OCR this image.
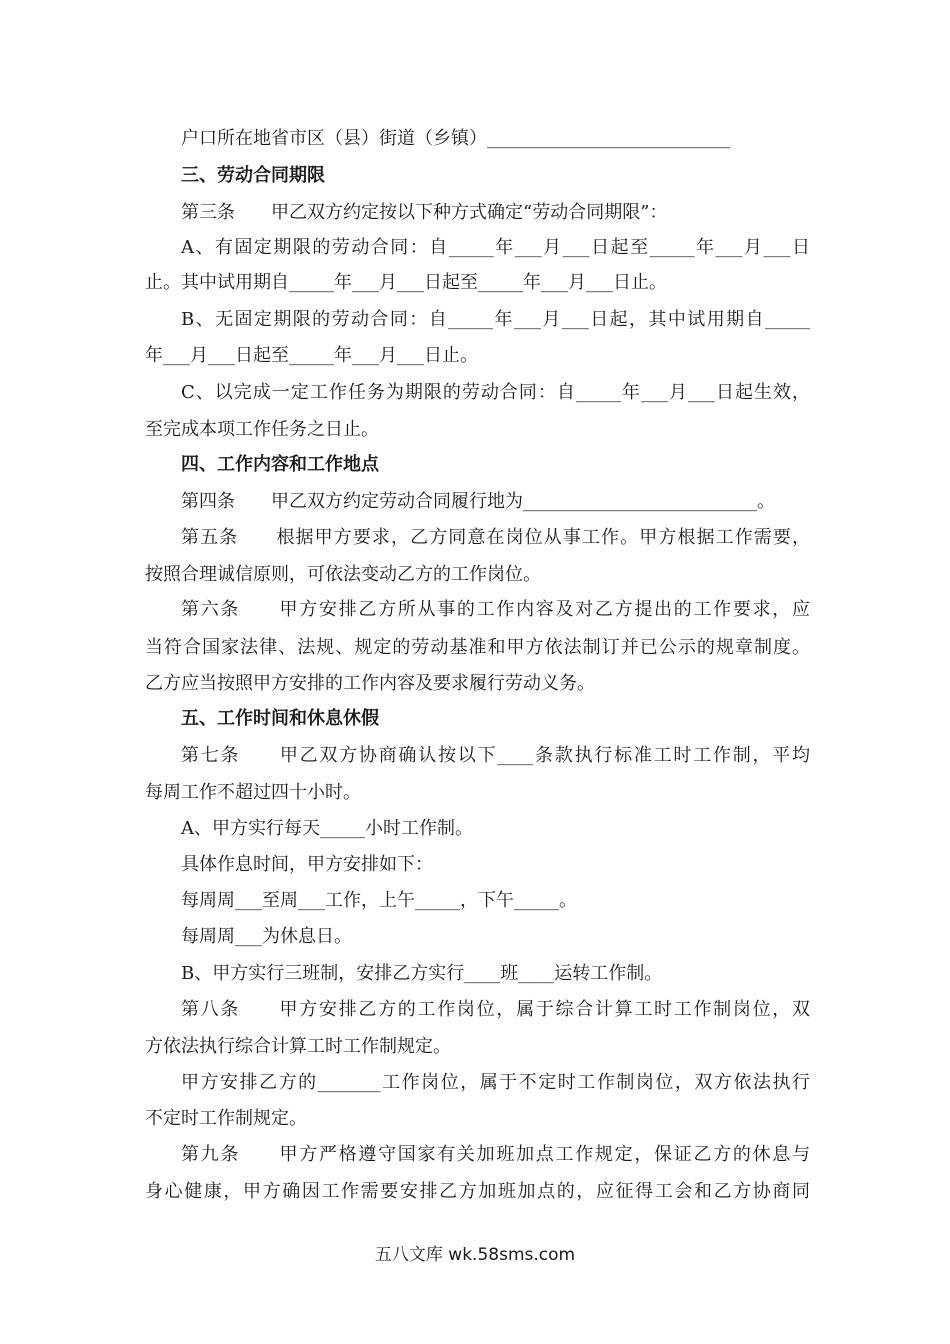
户口所在地省市区（县）街道（乡镇）___________________________
三、劳动合同期限
第三条　　甲乙双方约定按以下种方式确定“劳动合同期限”：
A、有固定期限的劳动合同：自_____年___月___日起至_____年___月___日
止。其中试用期自_____年___月___日起至_____年___月___日止。
B、无固定期限的劳动合同：自_____年___月___日起，其中试用期自_____
年___月___日起至_____年___月___日止。
C、以完成一定工作任务为期限的劳动合同：自_____年___月___日起生效，
至完成本项工作任务之日止。
四、工作内容和工作地点
第四条　　甲乙双方约定劳动合同履行地为__________________________。
第五条　　根据甲方要求，乙方同意在岗位从事工作。甲方根据工作需要，
按照合理诚信原则，可依法变动乙方的工作岗位。
第六条　　甲方安排乙方所从事的工作内容及对乙方提出的工作要求，应
当符合国家法律、法规、规定的劳动基准和甲方依法制订并已公示的规章制度。
乙方应当按照甲方安排的工作内容及要求履行劳动义务。
五、工作时间和休息休假
第七条　　甲乙双方协商确认按以下____条款执行标准工时工作制，平均
每周工作不超过四十小时。
A、甲方实行每天_____小时工作制。
具体作息时间，甲方安排如下：
每周周___至周___工作，上午_____，下午_____。
每周周___为休息日。
B、甲方实行三班制，安排乙方实行____班____运转工作制。
第八条　　甲方安排乙方的工作岗位，属于综合计算工时工作制岗位，双
方依法执行综合计算工时工作制规定。
甲方安排乙方的_______工作岗位，属于不定时工作制岗位，双方依法执行
不定时工作制规定。
第九条　　甲方严格遵守国家有关加班加点工作规定，保证乙方的休息与
身心健康，甲方确因工作需要安排乙方加班加点的，应征得工会和乙方协商同
五八文库 wk.58sms.com
